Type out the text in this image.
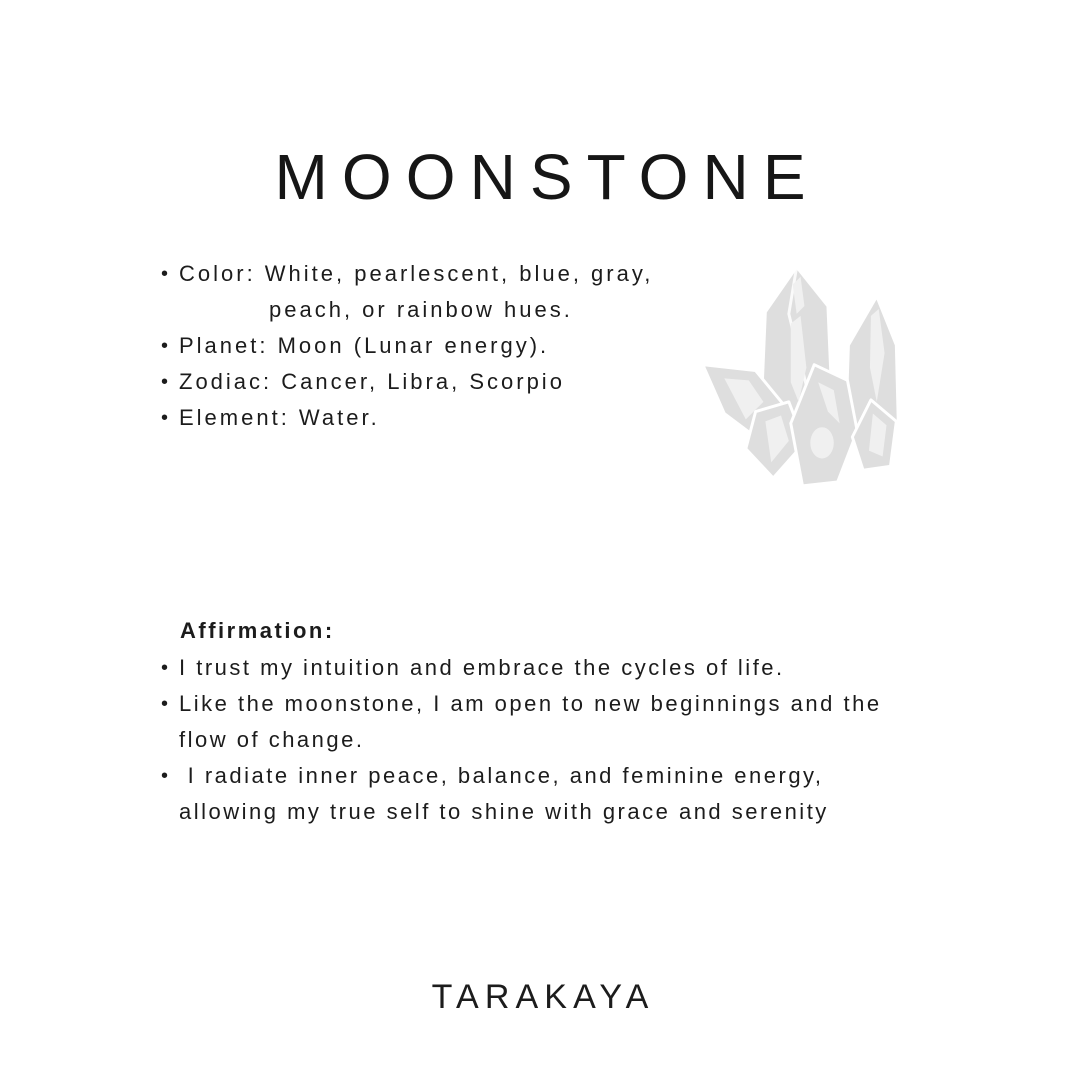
MOONSTONE
• Color: White, pearlescent, blue, gray,
peach, or rainbow hues.
• Planet: Moon (Lunar energy).
• Zodiac: Cancer, Libra, Scorpio
• Element: Water.
Affirmation:
• I trust my intuition and embrace the cycles of life.
• Like the moonstone, I am open to new beginnings and the
flow of change.
• I radiate inner peace, balance, and feminine energy,
allowing my true self to shine with grace and serenity
TARAKAYA
